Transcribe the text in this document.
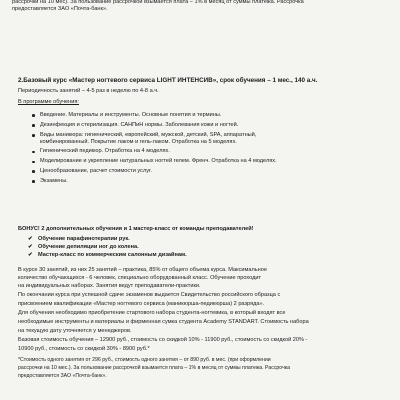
рассрочки на 10 мес). За пользование рассрочкой взымается плата – 1% в месяц от суммы платежа. Рассрочка
предоставляется ЗАО «Почта-банк».
2.Базовый курс «Мастер ногтевого сервиса LIGHT ИНТЕНСИВ», срок обучения – 1 мес., 140 а.ч.
Периодичность занятий – 4-5 раз в неделю по 4-8 а.ч.
В программе обучения:
Введение. Материалы и инструменты. Основные понятия и термины.
Дезинфекция и стерилизация. САНПиН нормы. Заболевания кожи и ногтей.
Виды маникюра: гигиенический, европейский, мужской, детский, SPA, аппаратный,
комбинированный. Покрытие лаком и гель-лаком. Отработка на 5 моделях.
Гигиенический педикюр. Отработка на 4 моделях.
Моделирование и укрепление натуральных ногтей гелем. Френч. Отработка на 4 моделях.
Ценообразование, расчет стоимости услуг.
Экзамены.
БОНУС! 2 дополнительных обучения и 1 мастер-класс от команды преподавателей!
✔ Обучение парафинотерапии рук.
✔ Обучение депиляции ног до колена.
✔ Мастер-класс по коммерческим салонным дизайнам.
В курсе 30 занятий, из них 25 занятий – практика, 85% от общего объема курса. Максимальное
количество обучающихся - 6 человек, специально оборудованный класс. Обучение проходит
на индивидуальных наборах. Занятия ведут преподаватели-практики.
По окончании курса при успешной сдаче экзаменов выдается Свидетельство российского образца с
присвоением квалификации «Мастер ногтевого сервиса (маникюрша-педикюрша) 2 разряда».
Для обучения необходимо приобретение стартового набора студента-ногтевика, в который входят все
необходимые инструменты и материалы и фирменная сумка студента Academy STANDART. Стоимость набора
на текущую дату уточняется у менеджеров.
Базовая стоимость обучения – 12900 руб., стоимость со скидкой 10% - 11900 руб., стоимость со скидкой 20% -
10900 руб., стоимость со скидкой 30% - 8900 руб.*
*Стоимость одного занятия от 296 руб., стоимость одного занятия – от 890 руб. в мес. (при оформлении
рассрочки на 10 мес.). За пользование рассрочкой взымается плата – 1% в месяц от суммы платежа. Рассрочка
предоставляется ЗАО «Почта-банк».
